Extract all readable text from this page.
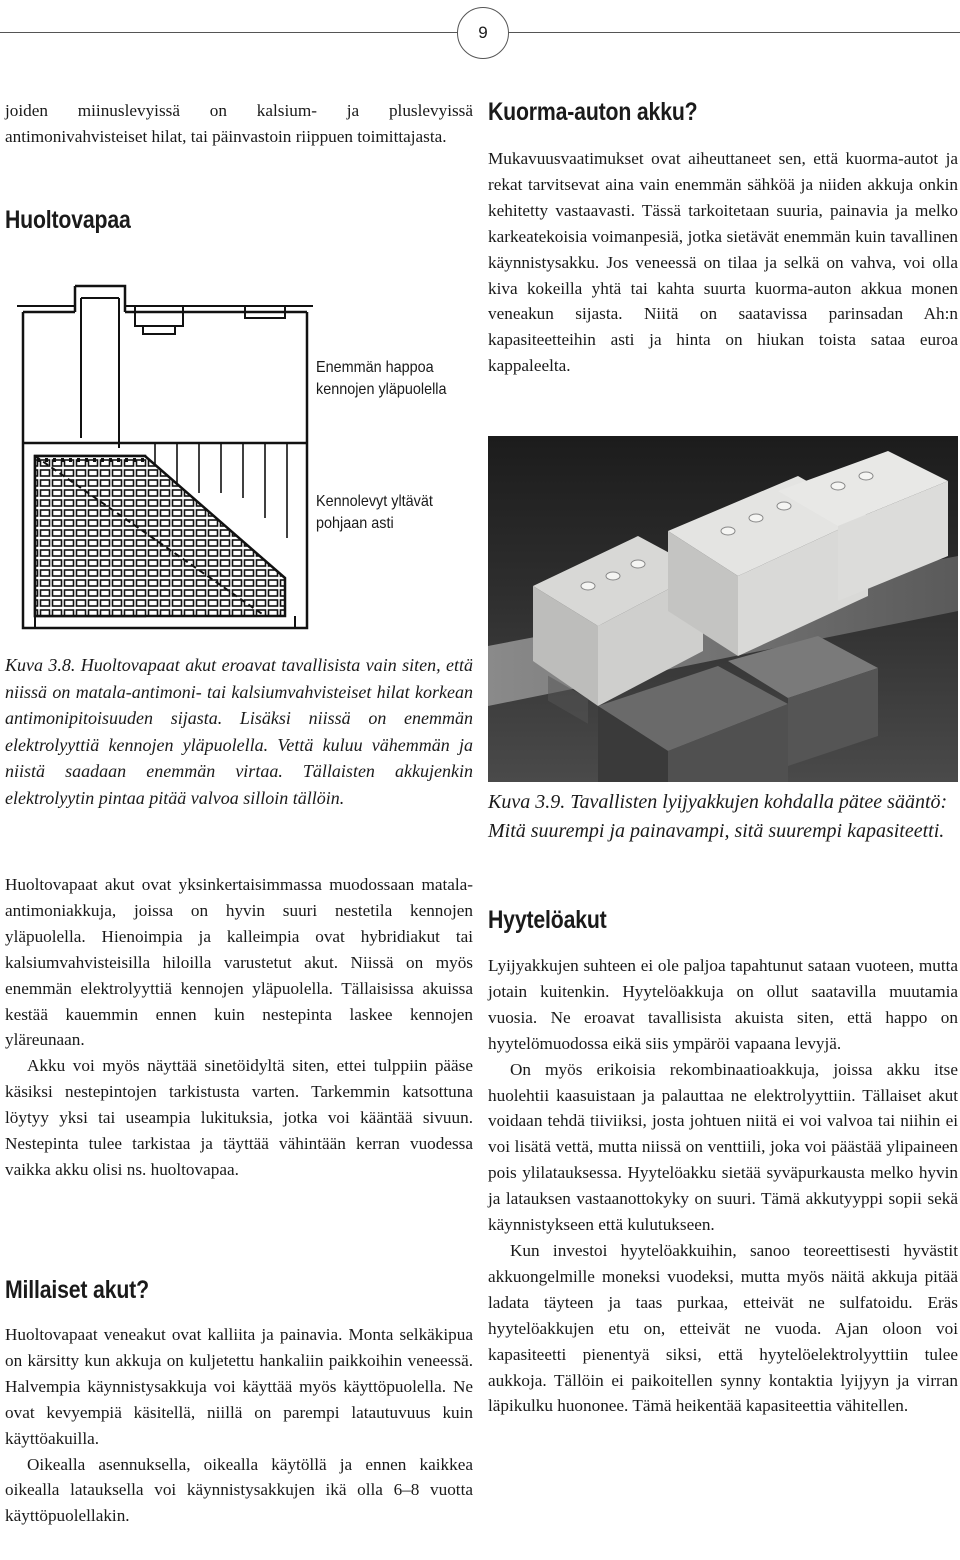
9

joiden miinuslevyissä on kalsium- ja pluslevyissä antimonivahvisteiset hilat, tai päinvastoin riippuen toimittajasta.

Huoltovapaa
Enemmän happoa kennojen yläpuolella
Kennolevyt yltävät pohjaan asti

Kuva 3.8. Huoltovapaat akut eroavat tavallisista vain siten, että niissä on matala-antimoni- tai kalsiumvahvisteiset hilat korkean antimonipitoisuuden sijasta. Lisäksi niissä on enemmän elektrolyyttiä kennojen yläpuolella. Vettä kuluu vähemmän ja niistä saadaan enemmän virtaa. Tällaisten akkujenkin elektrolyytin pintaa pitää valvoa silloin tällöin.

Huoltovapaat akut ovat yksinkertaisimmassa muodossaan matala-antimoniakkuja, joissa on hyvin suuri nestetila kennojen yläpuolella. Hienoimpia ja kalleimpia ovat hybridiakut tai kalsiumvahvisteisilla hiloilla varustetut akut. Niissä on myös enemmän elektrolyyttiä kennojen yläpuolella. Tällaisissa akuissa kestää kauemmin ennen kuin nestepinta laskee kennojen yläreunaan.

Akku voi myös näyttää sinetöidyltä siten, ettei tulppiin pääse käsiksi nestepintojen tarkistusta varten. Tarkemmin katsottuna löytyy yksi tai useampia lukituksia, jotka voi kääntää sivuun. Nestepinta tulee tarkistaa ja täyttää vähintään kerran vuodessa vaikka akku olisi ns. huoltovapaa.

Millaiset akut?

Huoltovapaat veneakut ovat kalliita ja painavia. Monta selkäkipua on kärsitty kun akkuja on kuljetettu hankaliin paikkoihin veneessä. Halvempia käynnistysakkuja voi käyttää myös käyttöpuolella. Ne ovat kevyempiä käsitellä, niillä on parempi latautuvuus kuin käyttöakuilla.

Oikealla asennuksella, oikealla käytöllä ja ennen kaikkea oikealla latauksella voi käynnistysakkujen ikä olla 6–8 vuotta käyttöpuolellakin.

Kuorma-auton akku?

Mukavuusvaatimukset ovat aiheuttaneet sen, että kuorma-autot ja rekat tarvitsevat aina vain enemmän sähköä ja niiden akkuja onkin kehitetty vastaavasti. Tässä tarkoitetaan suuria, painavia ja melko karkeatekoisia voimanpesiä, jotka sietävät enemmän kuin tavallinen käynnistysakku. Jos veneessä on tilaa ja selkä on vahva, voi olla kiva kokeilla yhtä tai kahta suurta kuorma-auton akkua monen veneakun sijasta. Niitä on saatavissa parinsadan Ah:n kapasiteetteihin asti ja hinta on hiukan toista sataa euroa kappaleelta.

Kuva 3.9. Tavallisten lyijyakkujen kohdalla pätee sääntö: Mitä suurempi ja painavampi, sitä suurempi kapasiteetti.
Hyytelöakut

Lyijyakkujen suhteen ei ole paljoa tapahtunut sataan vuoteen, mutta jotain kuitenkin. Hyytelöakkuja on ollut saatavilla muutamia vuosia. Ne eroavat tavallisista akuista siten, että happo on hyytelömuodossa eikä siis ympäröi vapaana levyjä.

On myös erikoisia rekombinaatioakkuja, joissa akku itse huolehtii kaasuistaan ja palauttaa ne elektrolyyttiin. Tällaiset akut voidaan tehdä tiiviiksi, josta johtuen niitä ei voi valvoa tai niihin ei voi lisätä vettä, mutta niissä on venttiili, joka voi päästää ylipaineen pois ylilatauksessa. Hyytelöakku sietää syväpurkausta melko hyvin ja latauksen vastaanottokyky on suuri. Tämä akkutyyppi sopii sekä käynnistykseen että kulutukseen.

Kun investoi hyytelöakkuihin, sanoo teoreettisesti hyvästit akkuongelmille moneksi vuodeksi, mutta myös näitä akkuja pitää ladata täyteen ja taas purkaa, etteivät ne sulfatoidu. Eräs hyytelöakkujen etu on, etteivät ne vuoda. Ajan oloon voi kapasiteetti pienentyä siksi, että hyytelöelektrolyyttiin tulee aukkoja. Tällöin ei paikoitellen synny kontaktia lyijyyn ja virran läpikulku huononee. Tämä heikentää kapasiteettia vähitellen.
